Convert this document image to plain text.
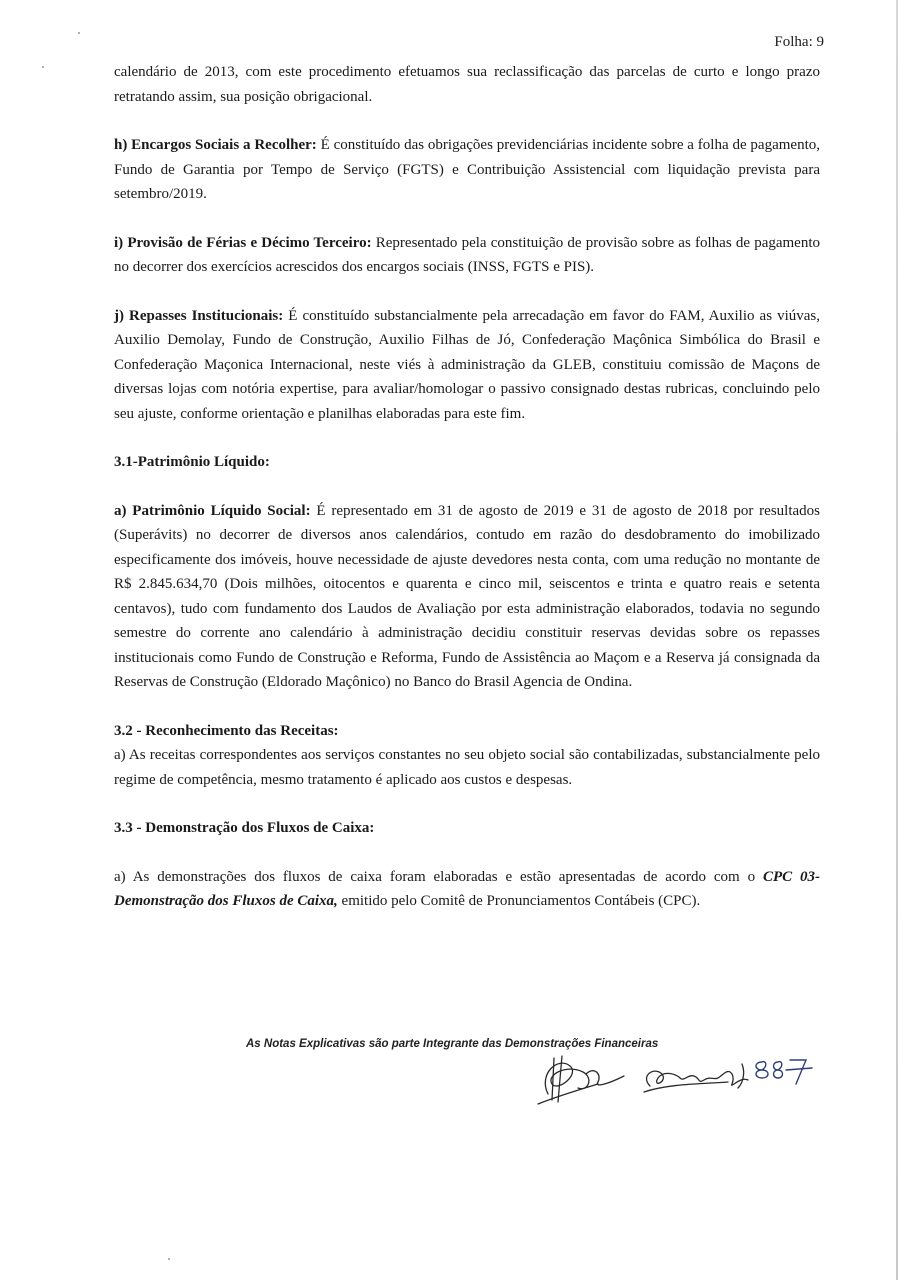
Folha: 9

calendário de 2013, com este procedimento efetuamos sua reclassificação das parcelas de curto e longo prazo retratando assim, sua posição obrigacional.

h) Encargos Sociais a Recolher: É constituído das obrigações previdenciárias incidente sobre a folha de pagamento, Fundo de Garantia por Tempo de Serviço (FGTS) e Contribuição Assistencial com liquidação prevista para setembro/2019.

i) Provisão de Férias e Décimo Terceiro: Representado pela constituição de provisão sobre as folhas de pagamento no decorrer dos exercícios acrescidos dos encargos sociais (INSS, FGTS e PIS).

j) Repasses Institucionais: É constituído substancialmente pela arrecadação em favor do FAM, Auxilio as viúvas, Auxilio Demolay, Fundo de Construção, Auxilio Filhas de Jó, Confederação Maçônica Simbólica do Brasil e Confederação Maçonica Internacional, neste viés à administração da GLEB, constituiu comissão de Maçons de diversas lojas com notória expertise, para avaliar/homologar o passivo consignado destas rubricas, concluindo pelo seu ajuste, conforme orientação e planilhas elaboradas para este fim.

3.1-Patrimônio Líquido:

a) Patrimônio Líquido Social: É representado em 31 de agosto de 2019 e 31 de agosto de 2018 por resultados (Superávits) no decorrer de diversos anos calendários, contudo em razão do desdobramento do imobilizado especificamente dos imóveis, houve necessidade de ajuste devedores nesta conta, com uma redução no montante de R$ 2.845.634,70 (Dois milhões, oitocentos e quarenta e cinco mil, seiscentos e trinta e quatro reais e setenta centavos), tudo com fundamento dos Laudos de Avaliação por esta administração elaborados, todavia no segundo semestre do corrente ano calendário à administração decidiu constituir reservas devidas sobre os repasses institucionais como Fundo de Construção e Reforma, Fundo de Assistência ao Maçom e a Reserva já consignada da Reservas de Construção (Eldorado Maçônico) no Banco do Brasil Agencia de Ondina.

3.2 - Reconhecimento das Receitas:

a) As receitas correspondentes aos serviços constantes no seu objeto social são contabilizadas, substancialmente pelo regime de competência, mesmo tratamento é aplicado aos custos e despesas.

3.3 - Demonstração dos Fluxos de Caixa:

a) As demonstrações dos fluxos de caixa foram elaboradas e estão apresentadas de acordo com o CPC 03-Demonstração dos Fluxos de Caixa, emitido pelo Comitê de Pronunciamentos Contábeis (CPC).

As Notas Explicativas são parte Integrante das Demonstrações Financeiras
